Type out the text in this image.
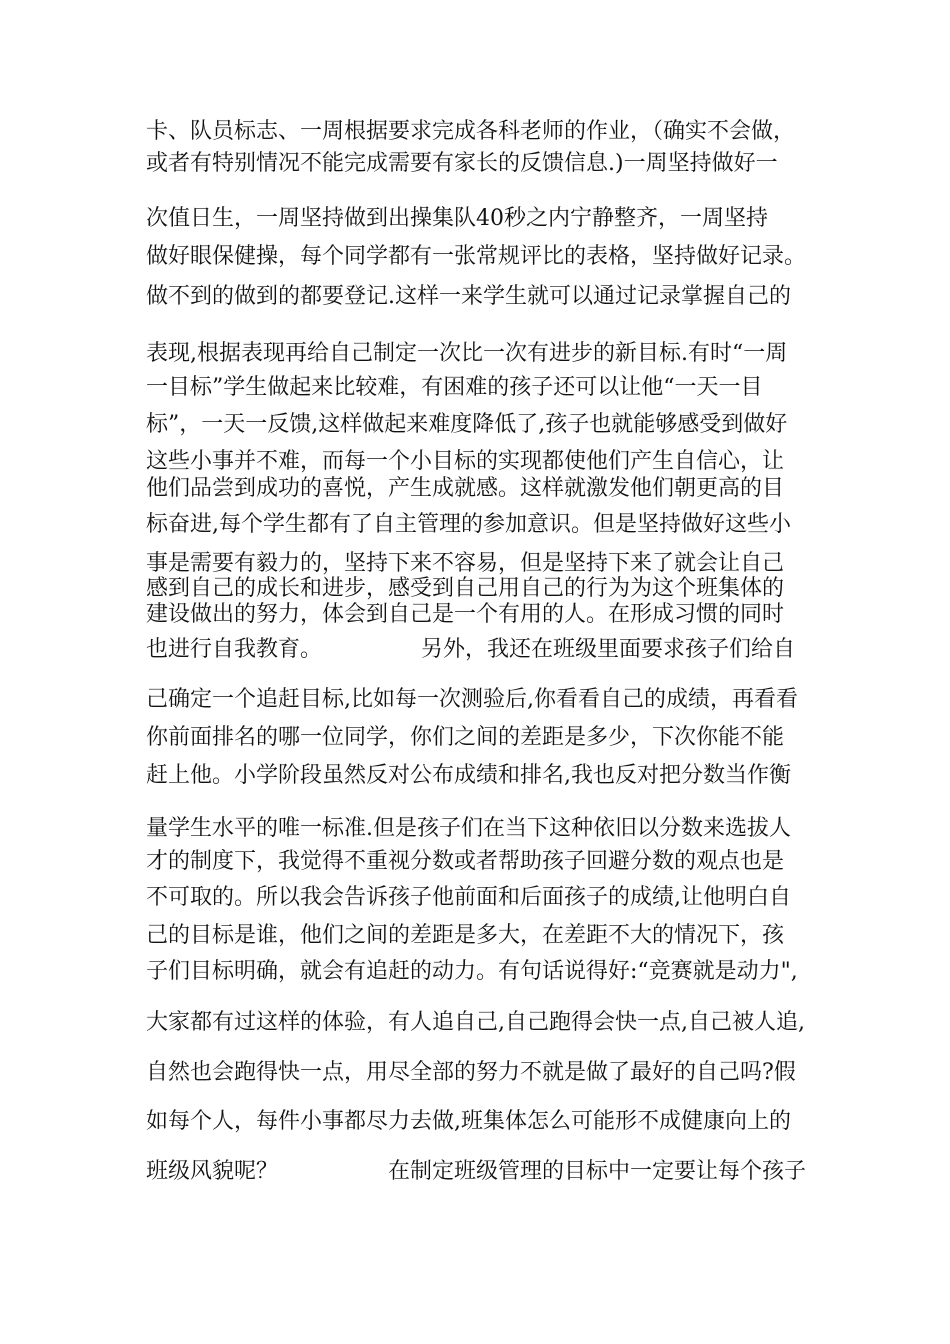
卡、队员标志、一周根据要求完成各科老师的作业，（确实不会做，
或者有特别情况不能完成需要有家长的反馈信息.)一周坚持做好一
次值日生，一周坚持做到出操集队40秒之内宁静整齐，一周坚持
做好眼保健操，每个同学都有一张常规评比的表格，坚持做好记录。
做不到的做到的都要登记.这样一来学生就可以通过记录掌握自己的
表现,根据表现再给自己制定一次比一次有进步的新目标.有时“一周
一目标”学生做起来比较难，有困难的孩子还可以让他“一天一目
标”，一天一反馈,这样做起来难度降低了,孩子也就能够感受到做好
这些小事并不难，而每一个小目标的实现都使他们产生自信心，让
他们品尝到成功的喜悦，产生成就感。这样就激发他们朝更高的目
标奋进,每个学生都有了自主管理的参加意识。但是坚持做好这些小
事是需要有毅力的，坚持下来不容易，但是坚持下来了就会让自己
感到自己的成长和进步，感受到自己用自己的行为为这个班集体的
建设做出的努力，体会到自己是一个有用的人。在形成习惯的同时
也进行自我教育。　　　　　另外，我还在班级里面要求孩子们给自
己确定一个追赶目标,比如每一次测验后,你看看自己的成绩，再看看
你前面排名的哪一位同学，你们之间的差距是多少，下次你能不能
赶上他。小学阶段虽然反对公布成绩和排名,我也反对把分数当作衡
量学生水平的唯一标准.但是孩子们在当下这种依旧以分数来选拔人
才的制度下，我觉得不重视分数或者帮助孩子回避分数的观点也是
不可取的。所以我会告诉孩子他前面和后面孩子的成绩,让他明白自
己的目标是谁，他们之间的差距是多大，在差距不大的情况下，孩
子们目标明确，就会有追赶的动力。有句话说得好:“竞赛就是动力",
大家都有过这样的体验，有人追自己,自己跑得会快一点,自己被人追,
自然也会跑得快一点，用尽全部的努力不就是做了最好的自己吗?假
如每个人，每件小事都尽力去做,班集体怎么可能形不成健康向上的
班级风貌呢？　　　　　在制定班级管理的目标中一定要让每个孩子
